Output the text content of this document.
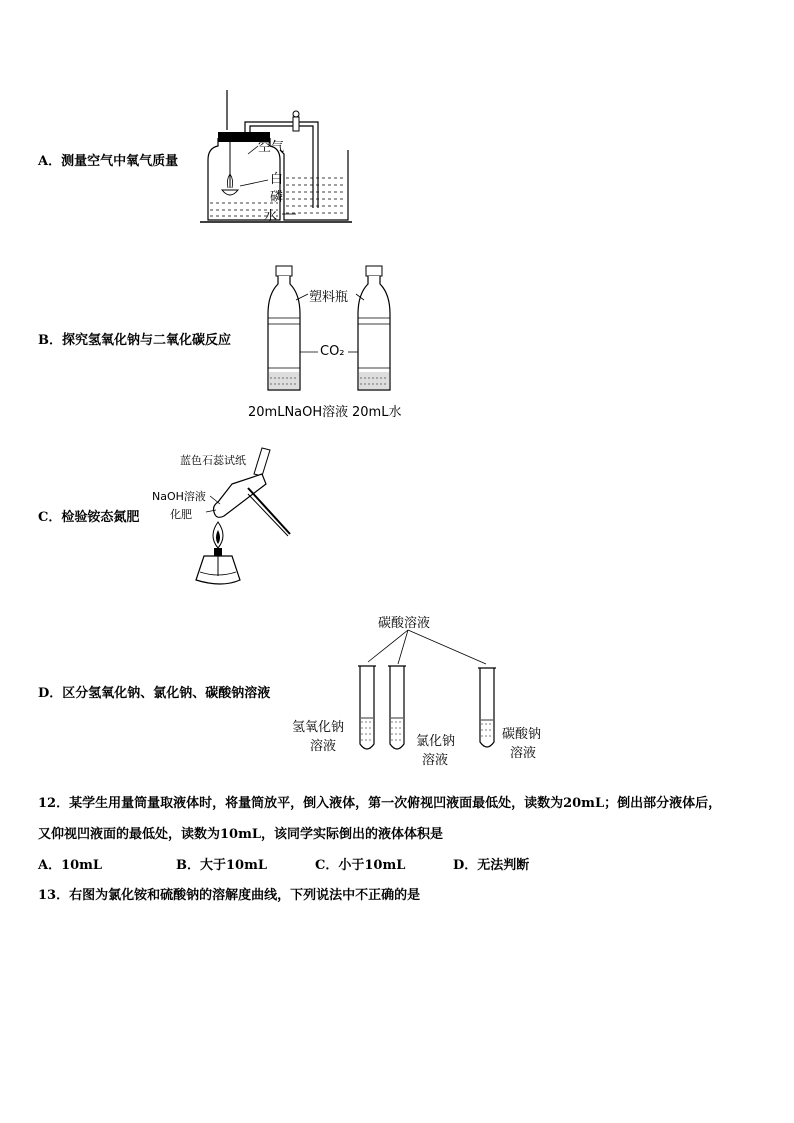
A．测量空气中氧气质量
空气
白
磷
水
B．探究氢氧化钠与二氧化碳反应
塑料瓶
CO₂
20mLNaOH溶液 20mL水
C．检验铵态氮肥
蓝色石蕊试纸
NaOH溶液
化肥
D．区分氢氧化钠、氯化钠、碳酸钠溶液
碳酸溶液
氢氧化钠
溶液	氯化钠
溶液
碳酸钠
溶液
12．某学生用量筒量取液体时，将量筒放平，倒入液体，第一次俯视凹液面最低处，读数为20mL；倒出部分液体后，
又仰视凹液面的最低处，读数为10mL，该同学实际倒出的液体体积是
A．10mL	B．大于10mL	C．小于10mL	D．无法判断
13．右图为氯化铵和硫酸钠的溶解度曲线，下列说法中不正确的是
